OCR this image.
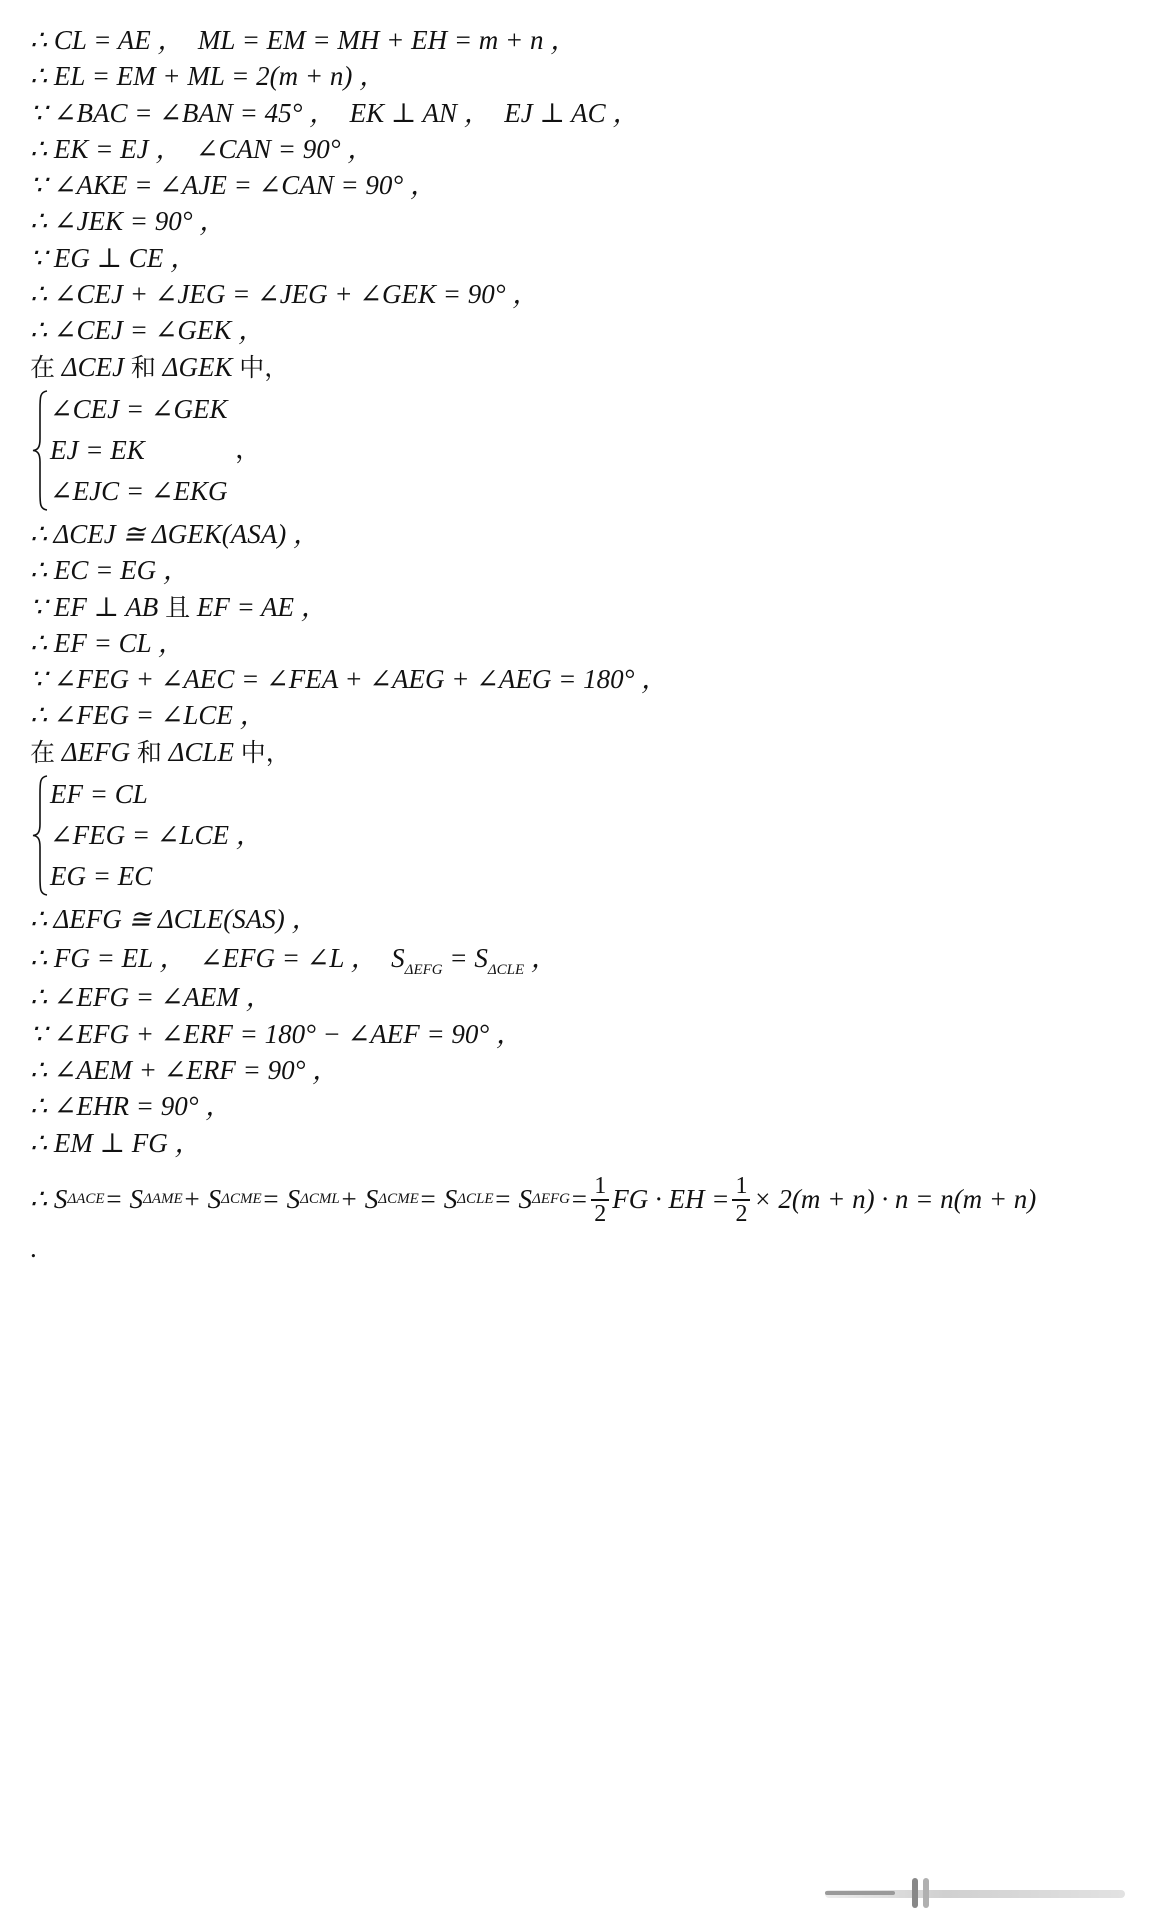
∴ CL = AE ，  ML = EM = MH + EH = m + n ，
∴ EL = EM + ML = 2(m + n) ，
∵ ∠BAC = ∠BAN = 45° ，  EK ⊥ AN ，  EJ ⊥ AC ，
∴ EK = EJ ，  ∠CAN = 90° ，
∵ ∠AKE = ∠AJE = ∠CAN = 90° ，
∴ ∠JEK = 90° ，
∵ EG ⊥ CE ，
∴ ∠CEJ + ∠JEG = ∠JEG + ∠GEK = 90° ，
∴ ∠CEJ = ∠GEK ，
在 ΔCEJ 和 ΔGEK 中，
∠CEJ = ∠GEK
EJ = EK
∠EJC = ∠EKG
，
∴ ΔCEJ ≅ ΔGEK(ASA) ，
∴ EC = EG ，
∵ EF ⊥ AB 且 EF = AE ，
∴ EF = CL ，
∵ ∠FEG + ∠AEC = ∠FEA + ∠AEG + ∠AEG = 180° ，
∴ ∠FEG = ∠LCE ，
在 ΔEFG 和 ΔCLE 中，
EF = CL
∠FEG = ∠LCE ，
EG = EC
∴ ΔEFG ≅ ΔCLE(SAS) ，
∴ FG = EL ，  ∠EFG = ∠L ，  $S_{\Delta EFG} = S_{\Delta CLE}$ ，
∴ ∠EFG = ∠AEM ，
∵ ∠EFG + ∠ERF = 180° − ∠AEF = 90° ，
∴ ∠AEM + ∠ERF = 90° ，
∴ ∠EHR = 90° ，
∴ EM ⊥ FG ，
∴ S ΔACE = S ΔAME + S ΔCME = S ΔCML + S ΔCME = S ΔCLE = S $\Delta EFG = \frac{1}{2}$ FG · EH = $\frac{1}{2} \times 2(m + n) \cdot n = n(m + n)$
.
